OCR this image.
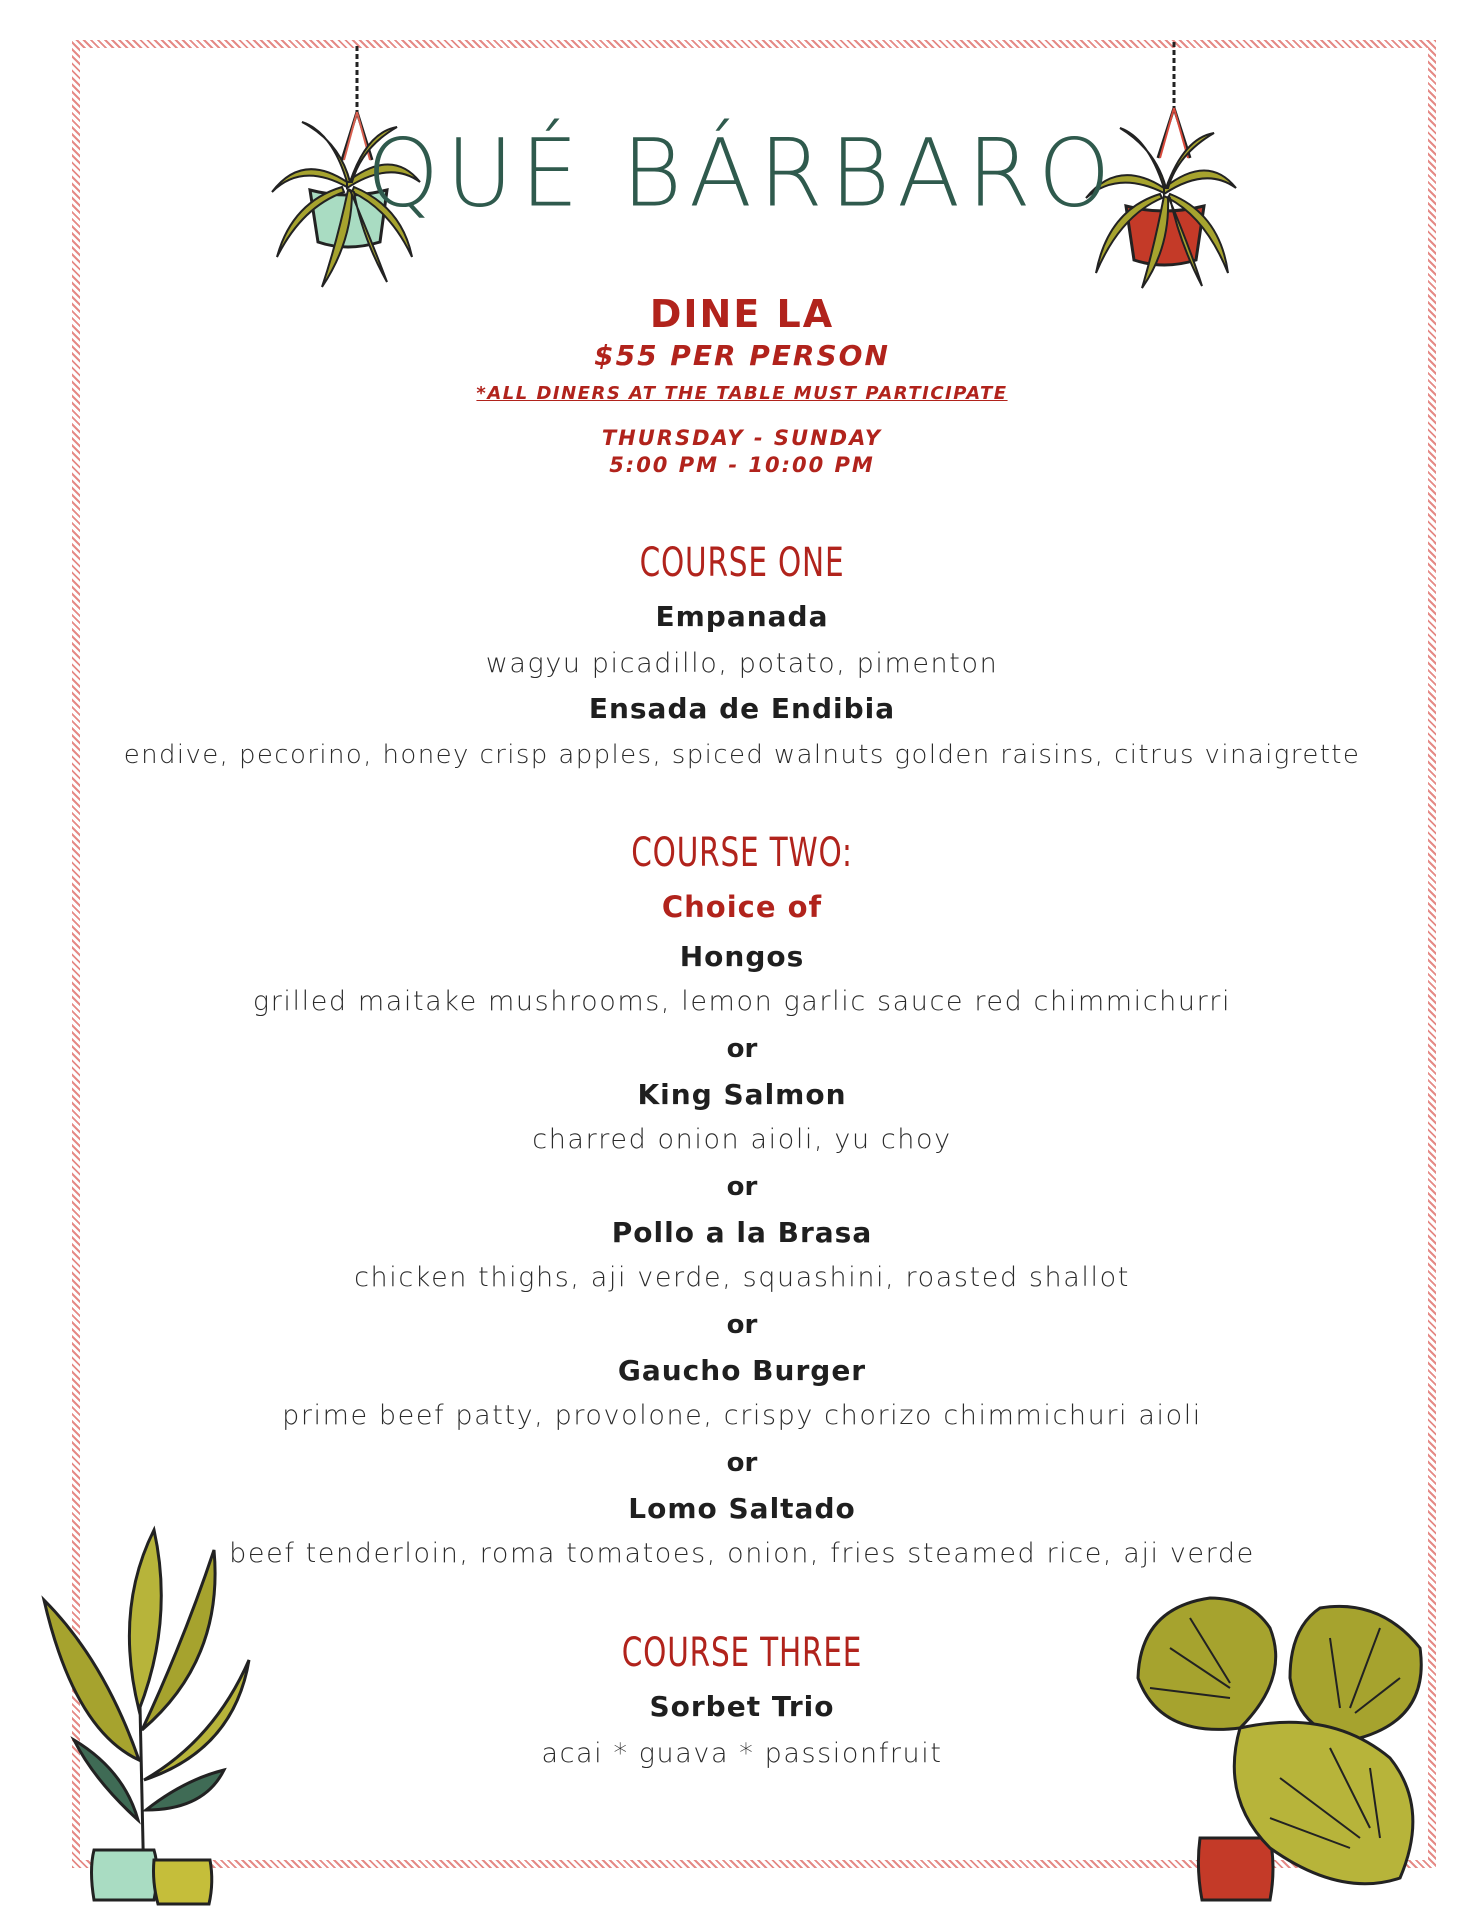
QUÉ BÁRBARO
DINE LA
$55 PER PERSON
*ALL DINERS AT THE TABLE MUST PARTICIPATE
THURSDAY - SUNDAY
5:00 PM - 10:00 PM
COURSE ONE
Empanada
wagyu picadillo, potato, pimenton
Ensada de Endibia
endive, pecorino, honey crisp apples, spiced walnuts golden raisins, citrus vinaigrette
COURSE TWO:
Choice of
Hongos
grilled maitake mushrooms, lemon garlic sauce red chimmichurri
or
King Salmon
charred onion aioli, yu choy
or
Pollo a la Brasa
chicken thighs, aji verde, squashini, roasted shallot
or
Gaucho Burger
prime beef patty, provolone, crispy chorizo chimmichuri aioli
or
Lomo Saltado
beef tenderloin, roma tomatoes, onion, fries steamed rice, aji verde
COURSE THREE
Sorbet Trio
acai * guava * passionfruit
